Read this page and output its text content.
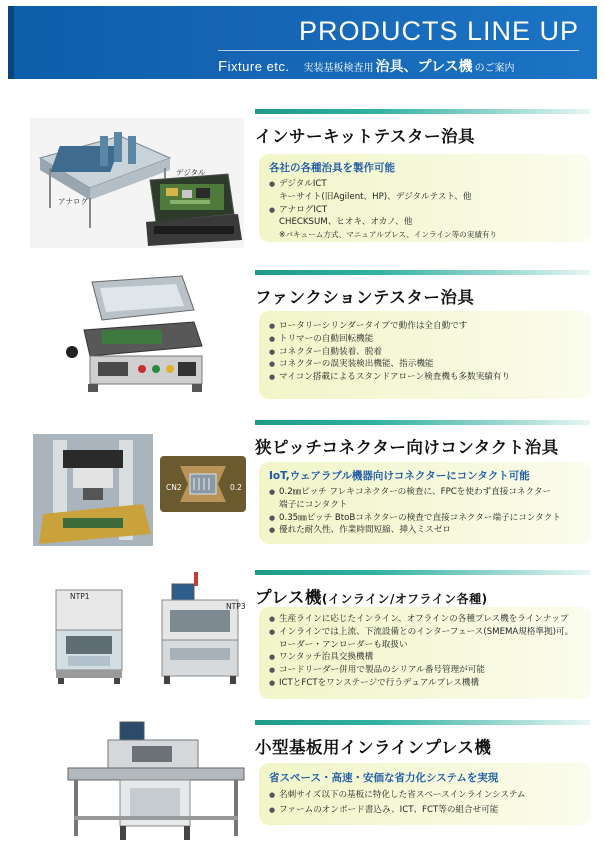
PRODUCTS LINE UP
Fixture etc. 実装基板検査用 治具、プレス機 のご案内
デジタル
アナログ
インサーキットテスター治具
各社の各種治具を製作可能
● デジタルICT
キーサイト(旧Agilent、HP)、デジタルテスト、他
● アナログICT
CHECKSUM、ヒオキ、オカノ、他
※バキューム方式、マニュアルプレス、インライン等の実績有り
ファンクションテスター治具
● ロータリーシリンダータイプで動作は全自動です
● トリマーの自動回転機能
● コネクター自動装着、脱着
● コネクターの誤実装検出機能、指示機能
● マイコン搭載によるスタンドアローン検査機も多数実績有り
CN2	0.2
狭ピッチコネクター向けコンタクト治具
IoT,ウェアラブル機器向けコネクターにコンタクト可能
● 0.2㎜ピッチ フレキコネクターの検査に、FPCを使わず直接コネクター
端子にコンタクト
● 0.35㎜ピッチ BtoBコネクターの検査で直接コネクター端子にコンタクト
● 優れた耐久性、作業時間短縮、挿入ミスゼロ
NTP1
NTP3 プレス機(インライン/オフライン各種)
● 生産ラインに応じたインライン、オフラインの各種プレス機をラインナップ
● インラインでは上流、下流設備とのインターフェース(SMEMA規格準拠)可。
ローダー・アンローダーも取扱い
● ワンタッチ治具交換機構
● コードリーダー併用で製品のシリアル番号管理が可能
● ICTとFCTをワンステージで行うデュアルプレス機構
小型基板用インラインプレス機
省スペース・高速・安価な省力化システムを実現
● 名刺サイズ以下の基板に特化した省スペースインラインシステム
● ファームのオンボード書込み、ICT、FCT等の組合せ可能
